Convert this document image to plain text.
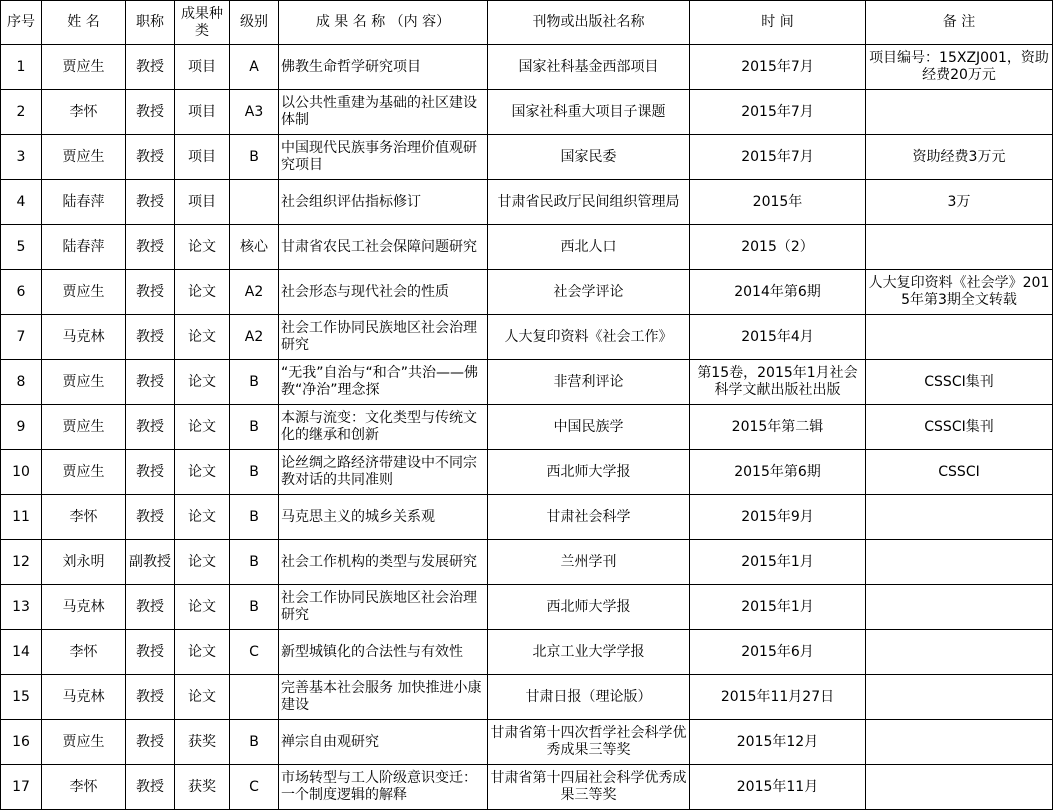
序号	姓 名	职称	成果种类	级别	成 果 名 称 （内 容）	刊物或出版社名称	时 间	备 注
1	贾应生	教授	项目	A	佛教生命哲学研究项目	国家社科基金西部项目	2015年7月	项目编号：15XZJ001，资助经费20万元
2	李怀	教授	项目	A3	以公共性重建为基础的社区建设体制	国家社科重大项目子课题	2015年7月	
3	贾应生	教授	项目	B	中国现代民族事务治理价值观研究项目	国家民委	2015年7月	资助经费3万元
4	陆春萍	教授	项目		社会组织评估指标修订	甘肃省民政厅民间组织管理局	2015年	3万
5	陆春萍	教授	论文	核心	甘肃省农民工社会保障问题研究	西北人口	2015（2）	
6	贾应生	教授	论文	A2	社会形态与现代社会的性质	社会学评论	2014年第6期	人大复印资料《社会学》2015年第3期全文转载
7	马克林	教授	论文	A2	社会工作协同民族地区社会治理研究	人大复印资料《社会工作》	2015年4月	
8	贾应生	教授	论文	B	“无我”自治与“和合”共治——佛教“净治”理念探	非营利评论	第15卷，2015年1月社会科学文献出版社出版	CSSCI集刊
9	贾应生	教授	论文	B	本源与流变：文化类型与传统文化的继承和创新	中国民族学	2015年第二辑	CSSCI集刊
10	贾应生	教授	论文	B	论丝绸之路经济带建设中不同宗教对话的共同准则	西北师大学报	2015年第6期	CSSCI
11	李怀	教授	论文	B	马克思主义的城乡关系观	甘肃社会科学	2015年9月	
12	刘永明	副教授	论文	B	社会工作机构的类型与发展研究	兰州学刊	2015年1月	
13	马克林	教授	论文	B	社会工作协同民族地区社会治理研究	西北师大学报	2015年1月	
14	李怀	教授	论文	C	新型城镇化的合法性与有效性	北京工业大学学报	2015年6月	
15	马克林	教授	论文		完善基本社会服务 加快推进小康建设	甘肃日报（理论版）	2015年11月27日	
16	贾应生	教授	获奖	B	禅宗自由观研究	甘肃省第十四次哲学社会科学优秀成果三等奖	2015年12月	
17	李怀	教授	获奖	C	市场转型与工人阶级意识变迁：一个制度逻辑的解释	甘肃省第十四届社会科学优秀成果三等奖	2015年11月	
